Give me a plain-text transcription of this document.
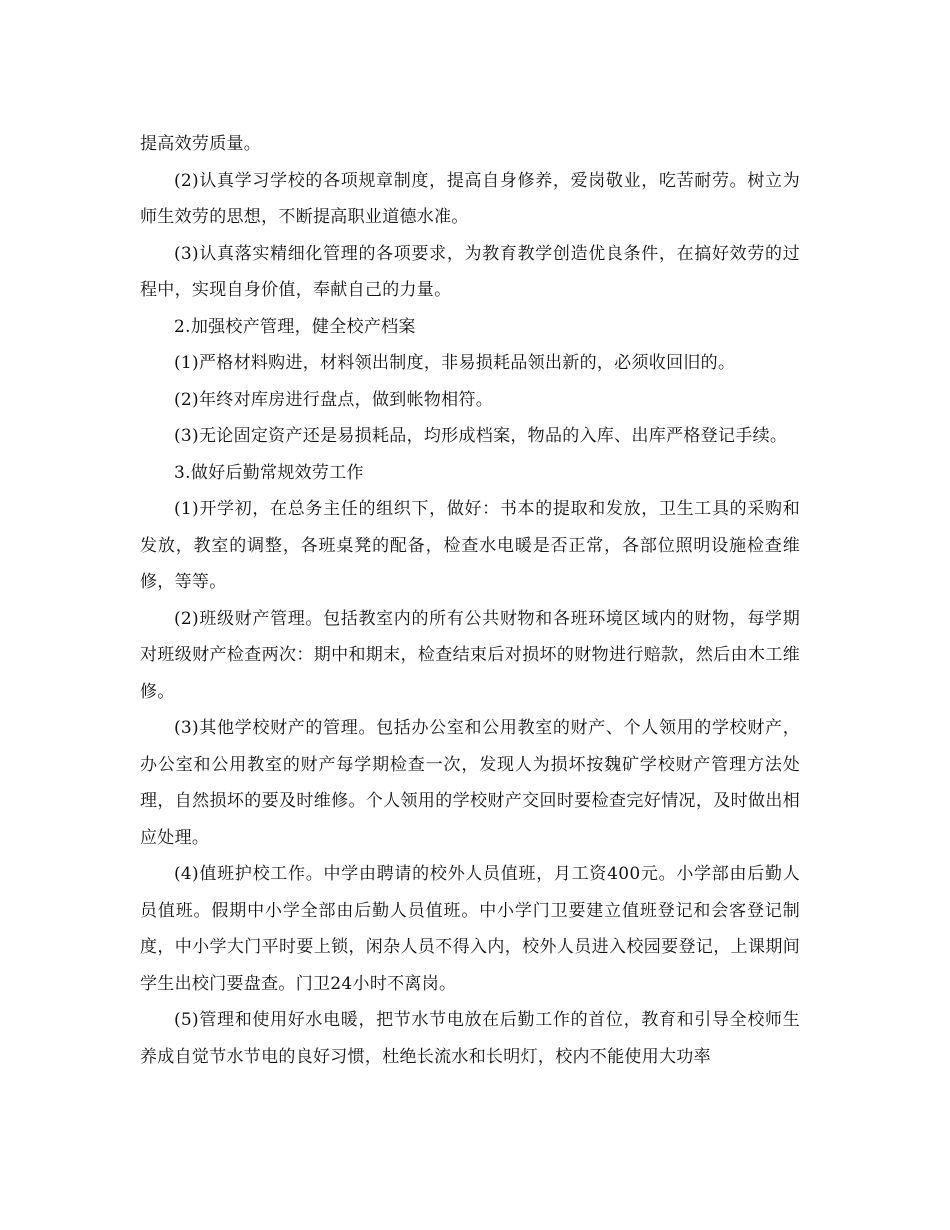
提高效劳质量。

(2)认真学习学校的各项规章制度，提高自身修养，爱岗敬业，吃苦耐劳。树立为师生效劳的思想，不断提高职业道德水准。

(3)认真落实精细化管理的各项要求，为教育教学创造优良条件，在搞好效劳的过程中，实现自身价值，奉献自己的力量。

2.加强校产管理，健全校产档案

(1)严格材料购进，材料领出制度，非易损耗品领出新的，必须收回旧的。

(2)年终对库房进行盘点，做到帐物相符。

(3)无论固定资产还是易损耗品，均形成档案，物品的入库、出库严格登记手续。

3.做好后勤常规效劳工作

(1)开学初，在总务主任的组织下，做好：书本的提取和发放，卫生工具的采购和发放，教室的调整，各班桌凳的配备，检查水电暖是否正常，各部位照明设施检查维修，等等。

(2)班级财产管理。包括教室内的所有公共财物和各班环境区域内的财物，每学期对班级财产检查两次：期中和期末，检查结束后对损坏的财物进行赔款，然后由木工维修。

(3)其他学校财产的管理。包括办公室和公用教室的财产、个人领用的学校财产，办公室和公用教室的财产每学期检查一次，发现人为损坏按魏矿学校财产管理方法处理，自然损坏的要及时维修。个人领用的学校财产交回时要检查完好情况，及时做出相应处理。

(4)值班护校工作。中学由聘请的校外人员值班，月工资400元。小学部由后勤人员值班。假期中小学全部由后勤人员值班。中小学门卫要建立值班登记和会客登记制度，中小学大门平时要上锁，闲杂人员不得入内，校外人员进入校园要登记，上课期间学生出校门要盘查。门卫24小时不离岗。

(5)管理和使用好水电暖，把节水节电放在后勤工作的首位，教育和引导全校师生养成自觉节水节电的良好习惯，杜绝长流水和长明灯，校内不能使用大功率
